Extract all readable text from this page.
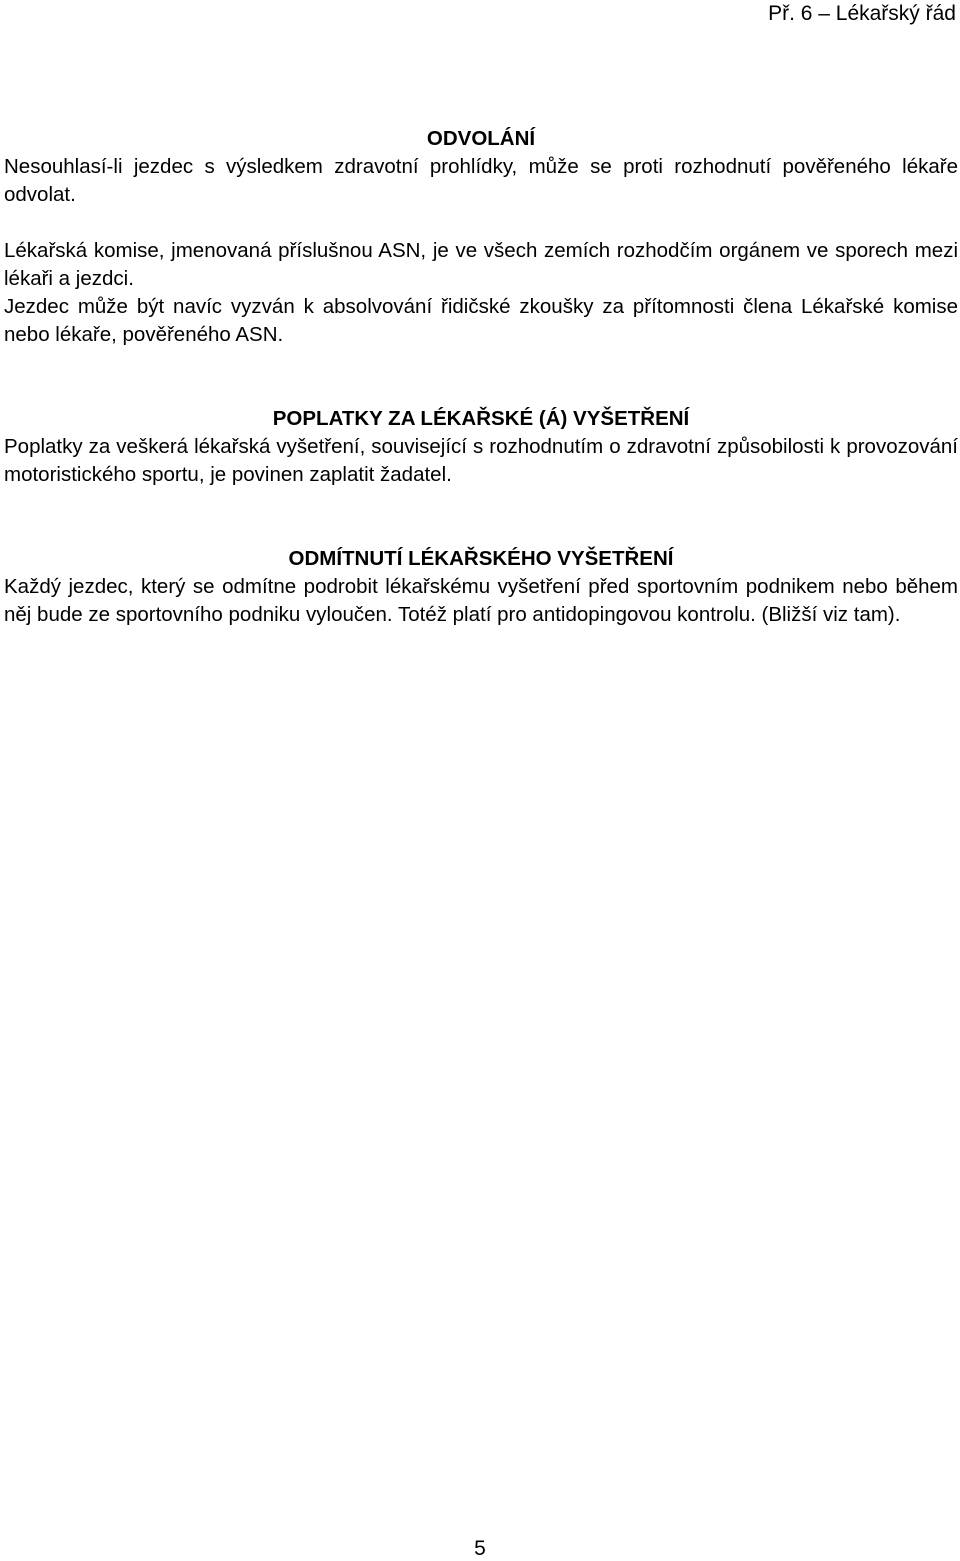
Př. 6 – Lékařský řád
ODVOLÁNÍ

Nesouhlasí-li jezdec s výsledkem zdravotní prohlídky, může se proti rozhodnutí pověřeného lékaře odvolat.

Lékařská komise, jmenovaná příslušnou ASN, je ve všech zemích rozhodčím orgánem ve sporech mezi lékaři a jezdci.

Jezdec může být navíc vyzván k absolvování řidičské zkoušky za přítomnosti člena Lékařské komise nebo lékaře, pověřeného ASN.

POPLATKY ZA LÉKAŘSKÉ (Á) VYŠETŘENÍ

Poplatky za veškerá lékařská vyšetření, související s rozhodnutím o zdravotní způsobilosti k provozování motoristického sportu, je povinen zaplatit žadatel.

ODMÍTNUTÍ LÉKAŘSKÉHO VYŠETŘENÍ

Každý jezdec, který se odmítne podrobit lékařskému vyšetření před sportovním podnikem nebo během něj bude ze sportovního podniku vyloučen. Totéž platí pro antidopingovou kontrolu. (Bližší viz tam).

5
